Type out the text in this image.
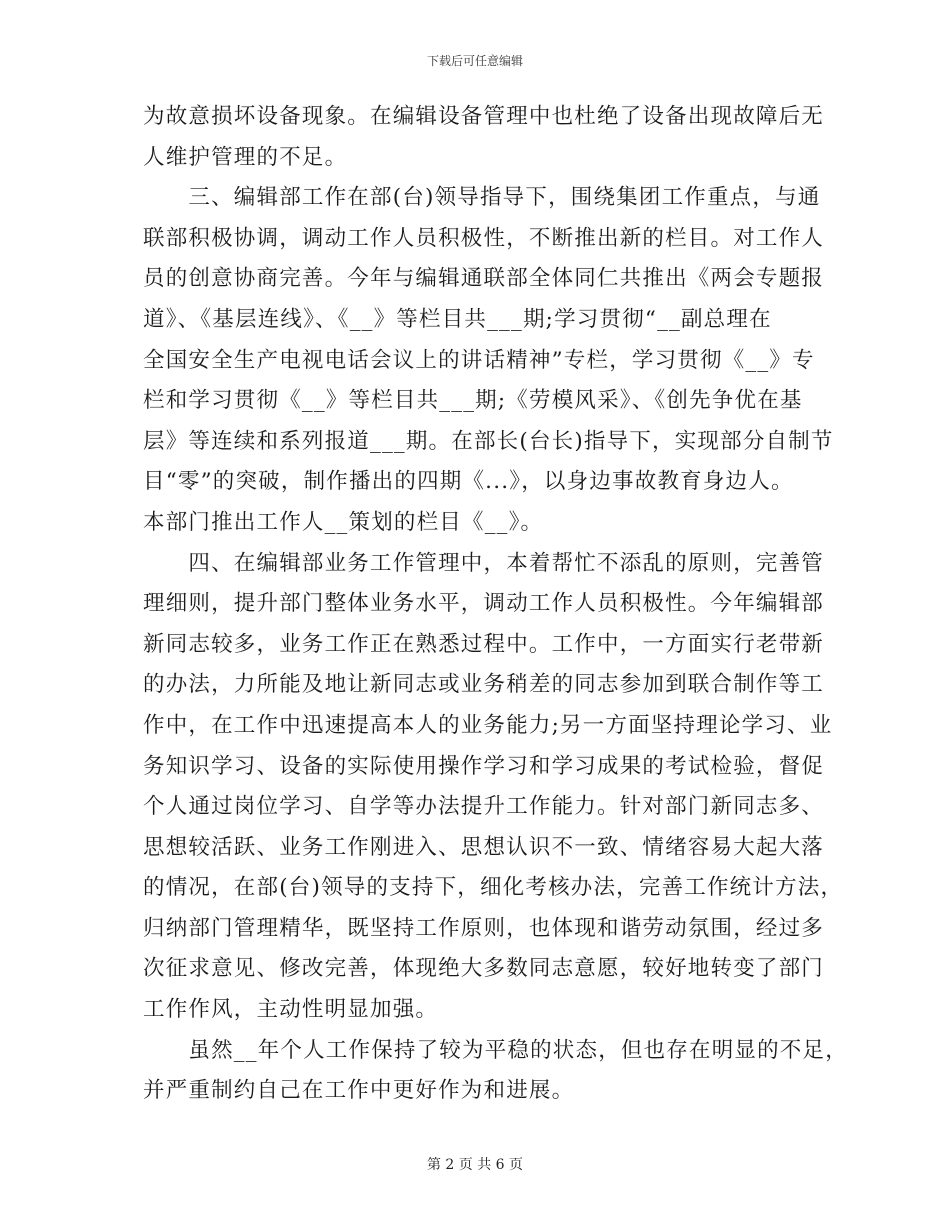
下载后可任意编辑
为故意损坏设备现象。在编辑设备管理中也杜绝了设备出现故障后无
人维护管理的不足。
　　三、编辑部工作在部(台)领导指导下，围绕集团工作重点，与通
联部积极协调，调动工作人员积极性，不断推出新的栏目。对工作人
员的创意协商完善。今年与编辑通联部全体同仁共推出《两会专题报
道》、《基层连线》、《__》等栏目共___期;学习贯彻“__副总理在
全国安全生产电视电话会议上的讲话精神”专栏，学习贯彻《__》专
栏和学习贯彻《__》等栏目共___期;《劳模风采》、《创先争优在基
层》等连续和系列报道___期。在部长(台长)指导下，实现部分自制节
目“零”的突破，制作播出的四期《...》，以身边事故教育身边人。
本部门推出工作人__策划的栏目《__》。
　　四、在编辑部业务工作管理中，本着帮忙不添乱的原则，完善管
理细则，提升部门整体业务水平，调动工作人员积极性。今年编辑部
新同志较多，业务工作正在熟悉过程中。工作中，一方面实行老带新
的办法，力所能及地让新同志或业务稍差的同志参加到联合制作等工
作中，在工作中迅速提高本人的业务能力;另一方面坚持理论学习、业
务知识学习、设备的实际使用操作学习和学习成果的考试检验，督促
个人通过岗位学习、自学等办法提升工作能力。针对部门新同志多、
思想较活跃、业务工作刚进入、思想认识不一致、情绪容易大起大落
的情况，在部(台)领导的支持下，细化考核办法，完善工作统计方法，
归纳部门管理精华，既坚持工作原则，也体现和谐劳动氛围，经过多
次征求意见、修改完善，体现绝大多数同志意愿，较好地转变了部门
工作作风，主动性明显加强。
　　虽然__年个人工作保持了较为平稳的状态，但也存在明显的不足，
并严重制约自己在工作中更好作为和进展。
第 2 页 共 6 页
